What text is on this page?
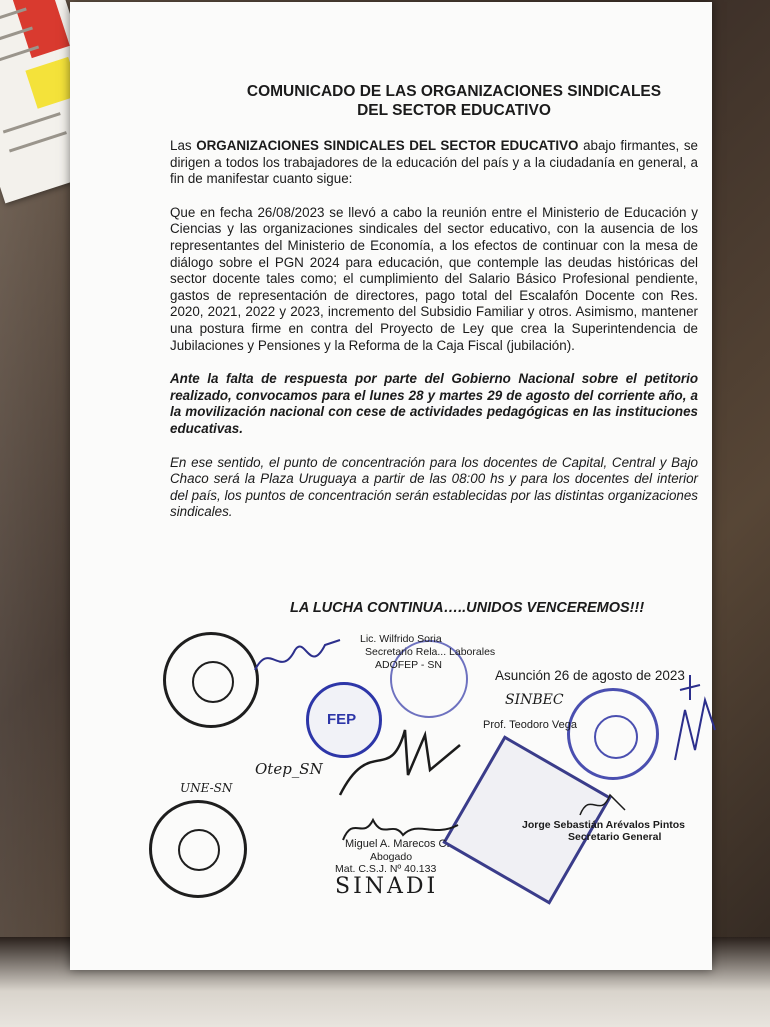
COMUNICADO DE LAS ORGANIZACIONES SINDICALES
DEL SECTOR EDUCATIVO

Las ORGANIZACIONES SINDICALES DEL SECTOR EDUCATIVO abajo firmantes, se dirigen a todos los trabajadores de la educación del país y a la ciudadanía en general, a fin de manifestar cuanto sigue:

Que en fecha 26/08/2023 se llevó a cabo la reunión entre el Ministerio de Educación y Ciencias y las organizaciones sindicales del sector educativo, con la ausencia de los representantes del Ministerio de Economía, a los efectos de continuar con la mesa de diálogo sobre el PGN 2024 para educación, que contemple las deudas históricas del sector docente tales como; el cumplimiento del Salario Básico Profesional pendiente, gastos de representación de directores, pago total del Escalafón Docente con Res. 2020, 2021, 2022 y 2023, incremento del Subsidio Familiar y otros. Asimismo, mantener una postura firme en contra del Proyecto de Ley que crea la Superintendencia de Jubilaciones y Pensiones y la Reforma de la Caja Fiscal (jubilación).

Ante la falta de respuesta por parte del Gobierno Nacional sobre el petitorio realizado, convocamos para el lunes 28 y martes 29 de agosto del corriente año, a la movilización nacional con cese de actividades pedagógicas en las instituciones educativas.

En ese sentido, el punto de concentración para los docentes de Capital, Central y Bajo Chaco será la Plaza Uruguaya a partir de las 08:00 hs y para los docentes del interior del país, los puntos de concentración serán establecidas por las distintas organizaciones sindicales.

LA LUCHA CONTINUA…..UNIDOS VENCEREMOS!!!
Asunción 26 de agosto de 2023
FEP
Lic. Wilfrido Soria
Secretario Rela... Laborales
ADOFEP - SN
SINBEC
Prof. Teodoro Vega
UNE-SN
Otep_SN
Jorge Sebastián Arévalos Pintos
Secretario General
Miguel A. Marecos C.
Abogado
Mat. C.S.J. Nº 40.133
SINADI
